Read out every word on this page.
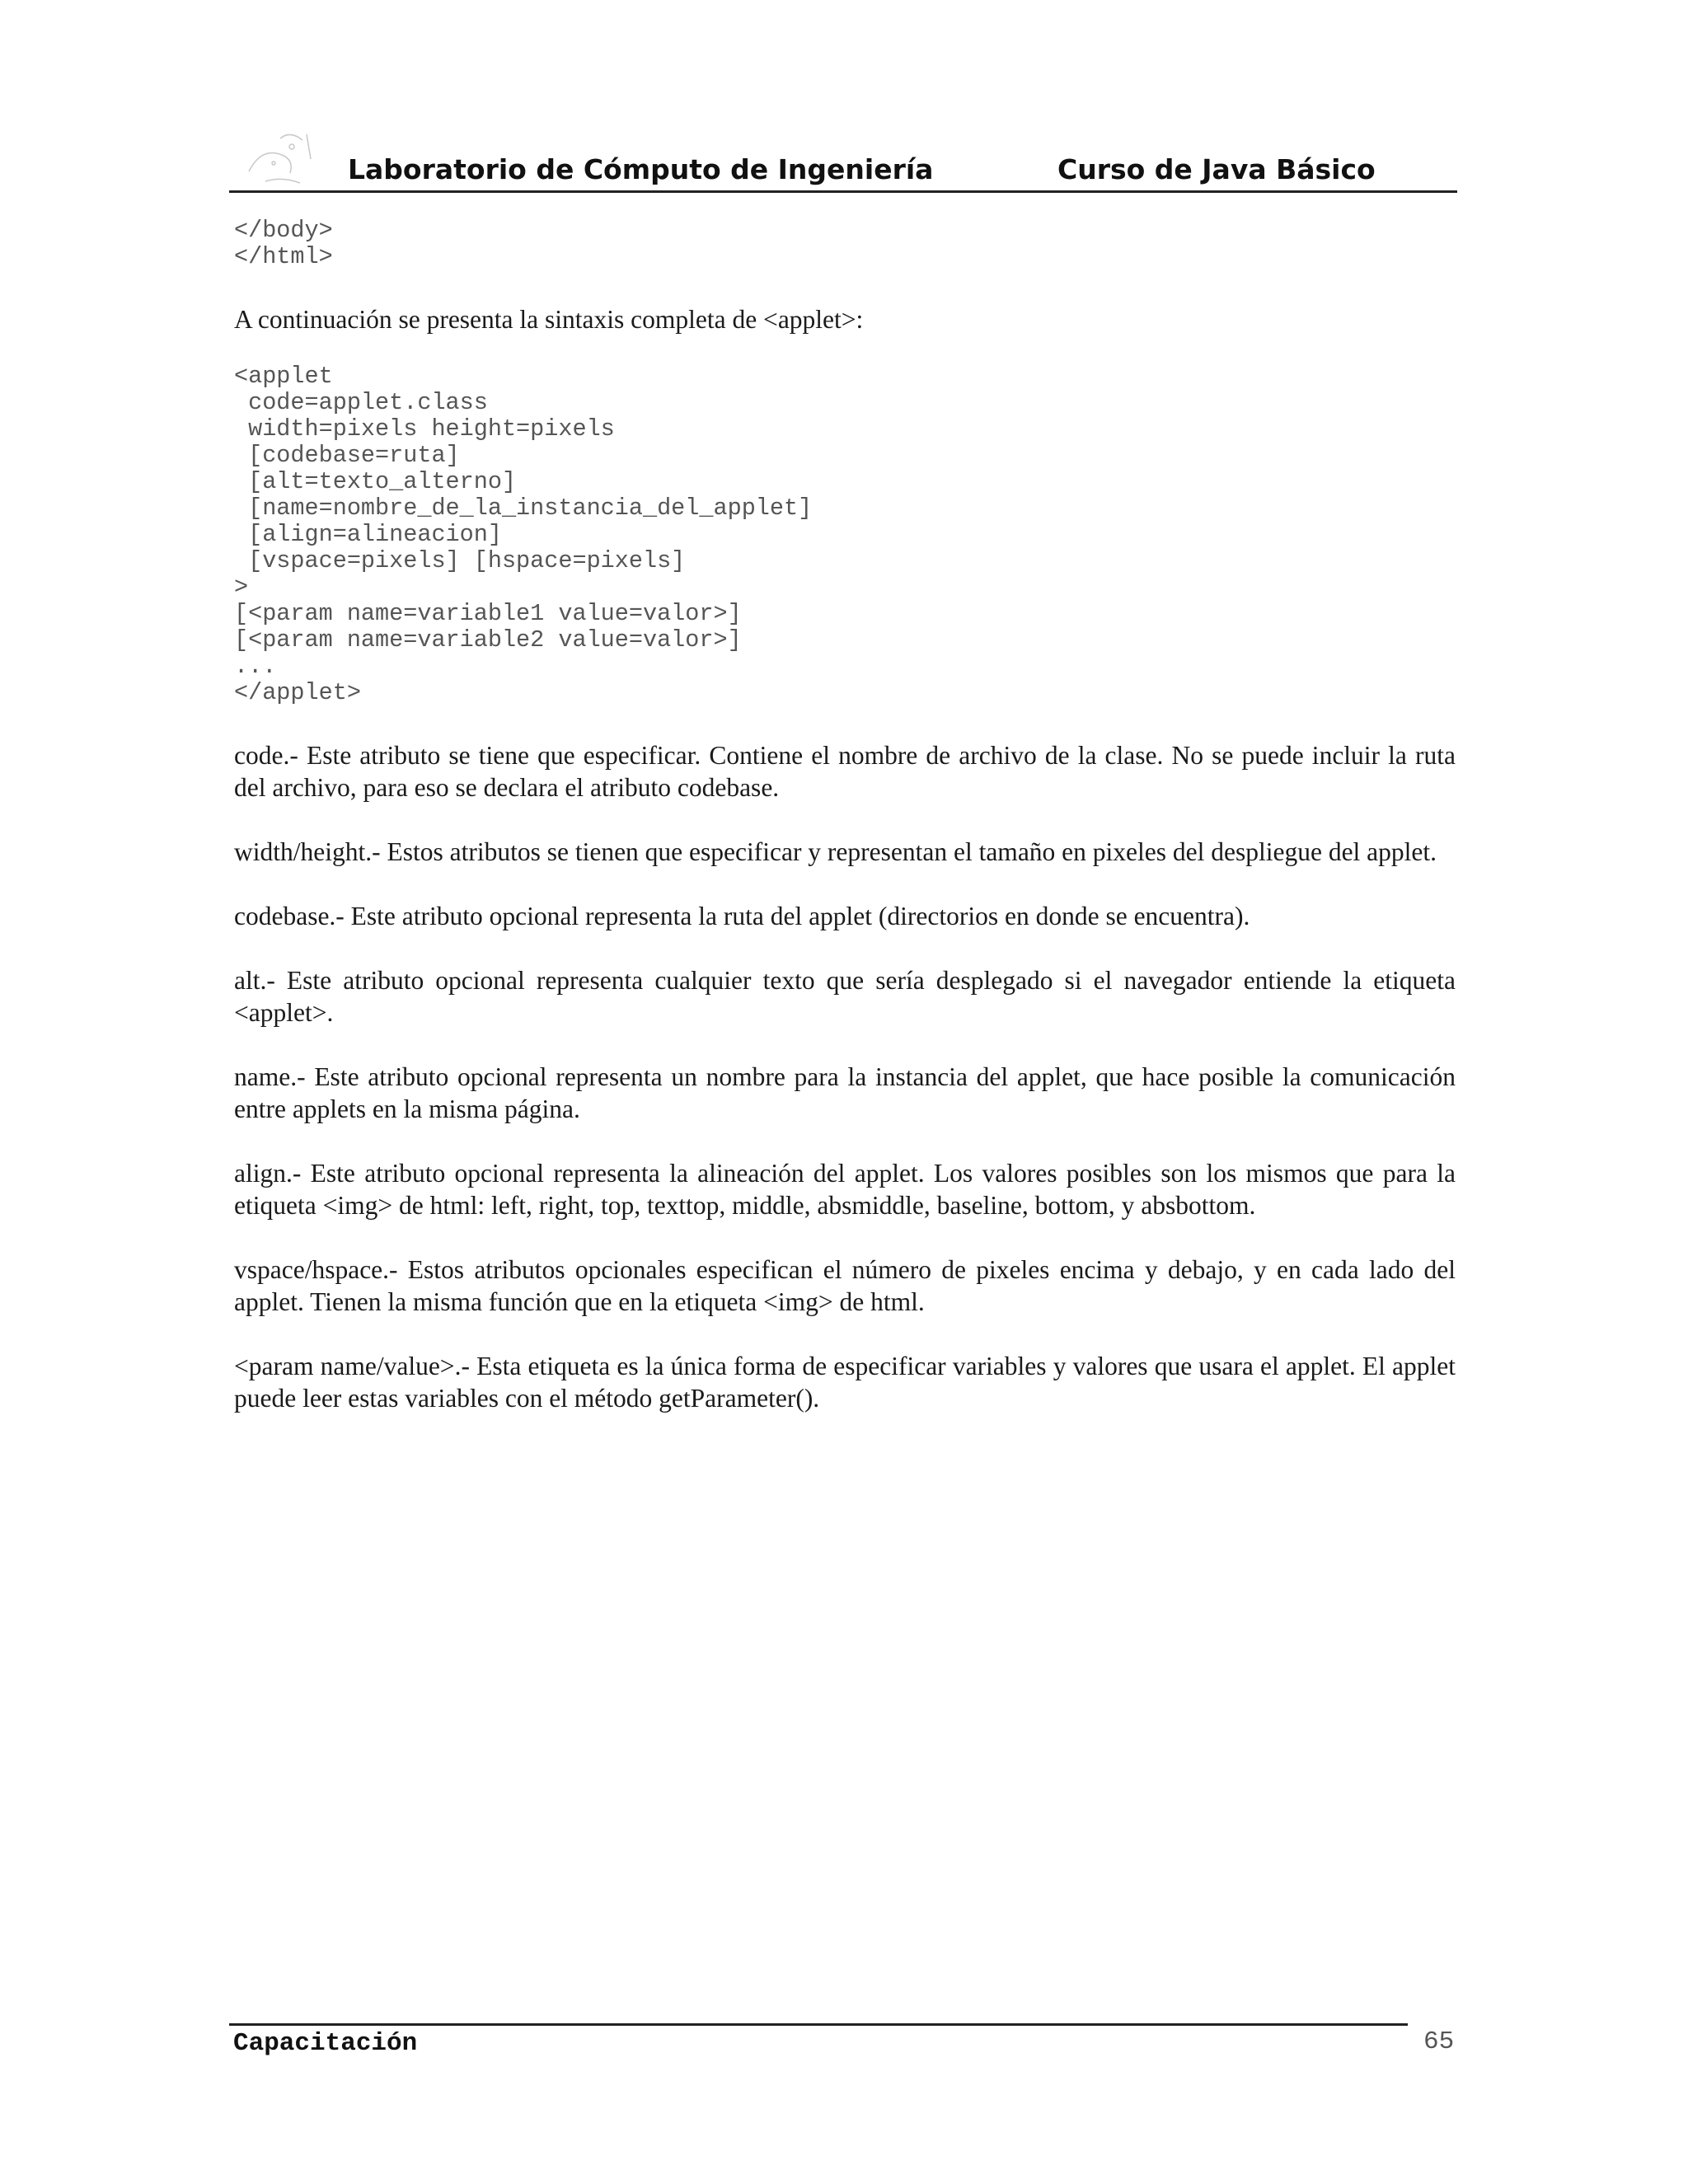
Laboratorio de Cómputo de Ingeniería	Curso de Java Básico
</body>
</html>

A continuación se presenta la sintaxis completa de <applet>:

<applet
code=applet.class
width=pixels height=pixels
[codebase=ruta]
[alt=texto_alterno]
[name=nombre_de_la_instancia_del_applet]
[align=alineacion]
[vspace=pixels] [hspace=pixels]
>
[<param name=variable1 value=valor>]
[<param name=variable2 value=valor>]
...
</applet>

code.- Este atributo se tiene que especificar. Contiene el nombre de archivo de la clase. No se puede incluir la ruta del archivo, para eso se declara el atributo codebase.

width/height.- Estos atributos se tienen que especificar y representan el tamaño en pixeles del despliegue del applet.

codebase.- Este atributo opcional representa la ruta del applet (directorios en donde se encuentra).

alt.- Este atributo opcional representa cualquier texto que sería desplegado si el navegador entiende la etiqueta <applet>.

name.- Este atributo opcional representa un nombre para la instancia del applet, que hace posible la comunicación entre applets en la misma página.

align.- Este atributo opcional representa la alineación del applet. Los valores posibles son los mismos que para la etiqueta <img> de html: left, right, top, texttop, middle, absmiddle, baseline, bottom, y absbottom.

vspace/hspace.- Estos atributos opcionales especifican el número de pixeles encima y debajo, y en cada lado del applet. Tienen la misma función que en la etiqueta <img> de html.

<param name/value>.- Esta etiqueta es la única forma de especificar variables y valores que usara el applet. El applet puede leer estas variables con el método getParameter().

Capacitación	65
